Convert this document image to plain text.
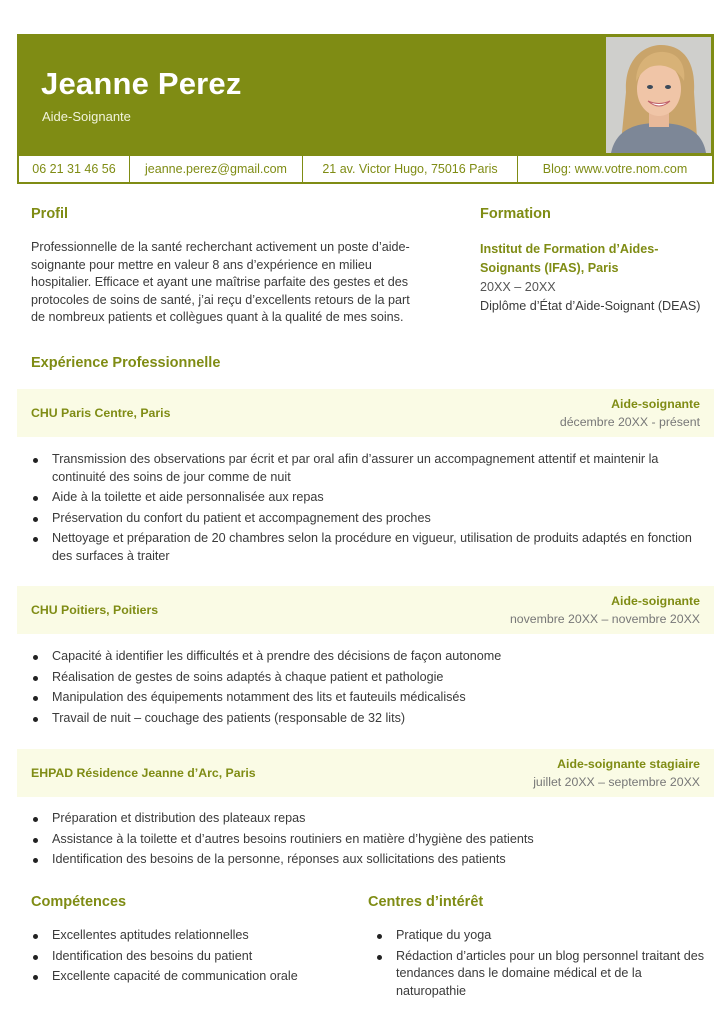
Jeanne Perez
Aide-Soignante
06 21 31 46 56	jeanne.perez@gmail.com	21 av. Victor Hugo, 75016 Paris	Blog: www.votre.nom.com
Profil
Professionnelle de la santé recherchant activement un poste d’aide-soignante pour mettre en valeur 8 ans d’expérience en milieu hospitalier. Efficace et ayant une maîtrise parfaite des gestes et des protocoles de soins de santé, j’ai reçu d’excellents retours de la part de nombreux patients et collègues quant à la qualité de mes soins.
Formation
Institut de Formation d’Aides-Soignants (IFAS), Paris
20XX – 20XX
Diplôme d’État d’Aide-Soignant (DEAS)
Expérience Professionnelle
CHU Paris Centre, Paris
Aide-soignante
décembre 20XX - présent
Transmission des observations par écrit et par oral afin d’assurer un accompagnement attentif et maintenir la continuité des soins de jour comme de nuit
Aide à la toilette et aide personnalisée aux repas
Préservation du confort du patient et accompagnement des proches
Nettoyage et préparation de 20 chambres selon la procédure en vigueur, utilisation de produits adaptés en fonction des surfaces à traiter
CHU Poitiers, Poitiers
Aide-soignante
novembre 20XX – novembre 20XX
Capacité à identifier les difficultés et à prendre des décisions de façon autonome
Réalisation de gestes de soins adaptés à chaque patient et pathologie
Manipulation des équipements notamment des lits et fauteuils médicalisés
Travail de nuit – couchage des patients (responsable de 32 lits)
EHPAD Résidence Jeanne d’Arc, Paris
Aide-soignante stagiaire
juillet 20XX – septembre 20XX
Préparation et distribution des plateaux repas
Assistance à la toilette et d’autres besoins routiniers en matière d’hygiène des patients
Identification des besoins de la personne, réponses aux sollicitations des patients
Compétences
Excellentes aptitudes relationnelles
Identification des besoins du patient
Excellente capacité de communication orale
Centres d’intérêt
Pratique du yoga
Rédaction d’articles pour un blog personnel traitant des tendances dans le domaine médical et de la naturopathie
